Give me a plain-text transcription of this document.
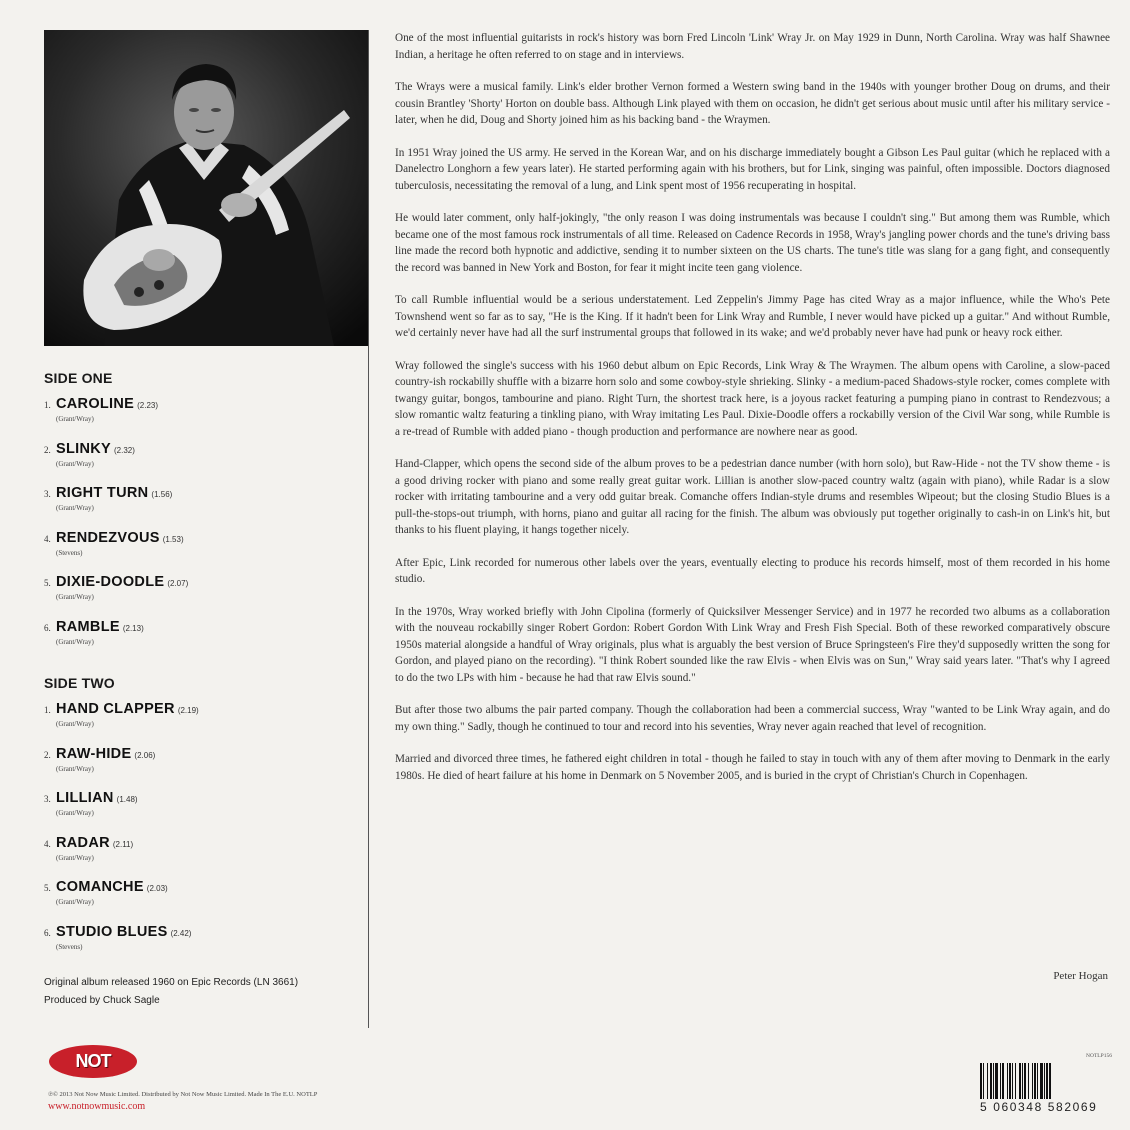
SIDE ONE
1. CAROLINE (2.23)
(Grant/Wray)
2. SLINKY (2.32)
(Grant/Wray)
3. RIGHT TURN (1.56)
(Grant/Wray)
4. RENDEZVOUS (1.53)
(Stevens)
5. DIXIE-DOODLE (2.07)
(Grant/Wray)
6. RAMBLE (2.13)
(Grant/Wray)
SIDE TWO
1. HAND CLAPPER (2.19)
(Grant/Wray)
2. RAW-HIDE (2.06)
(Grant/Wray)
3. LILLIAN (1.48)
(Grant/Wray)
4. RADAR (2.11)
(Grant/Wray)
5. COMANCHE (2.03)
(Grant/Wray)
6. STUDIO BLUES (2.42)
(Stevens)
Original album released 1960 on Epic Records (LN 3661)
Produced by Chuck Sagle

One of the most influential guitarists in rock's history was born Fred Lincoln 'Link' Wray Jr. on May 1929 in Dunn, North Carolina. Wray was half Shawnee Indian, a heritage he often referred to on stage and in interviews.

The Wrays were a musical family. Link's elder brother Vernon formed a Western swing band in the 1940s with younger brother Doug on drums, and their cousin Brantley 'Shorty' Horton on double bass. Although Link played with them on occasion, he didn't get serious about music until after his military service - later, when he did, Doug and Shorty joined him as his backing band - the Wraymen.

In 1951 Wray joined the US army. He served in the Korean War, and on his discharge immediately bought a Gibson Les Paul guitar (which he replaced with a Danelectro Longhorn a few years later). He started performing again with his brothers, but for Link, singing was painful, often impossible. Doctors diagnosed tuberculosis, necessitating the removal of a lung, and Link spent most of 1956 recuperating in hospital.

He would later comment, only half-jokingly, "the only reason I was doing instrumentals was because I couldn't sing." But among them was Rumble, which became one of the most famous rock instrumentals of all time. Released on Cadence Records in 1958, Wray's jangling power chords and the tune's driving bass line made the record both hypnotic and addictive, sending it to number sixteen on the US charts. The tune's title was slang for a gang fight, and consequently the record was banned in New York and Boston, for fear it might incite teen gang violence.

To call Rumble influential would be a serious understatement. Led Zeppelin's Jimmy Page has cited Wray as a major influence, while the Who's Pete Townshend went so far as to say, "He is the King. If it hadn't been for Link Wray and Rumble, I never would have picked up a guitar." And without Rumble, we'd certainly never have had all the surf instrumental groups that followed in its wake; and we'd probably never have had punk or heavy rock either.

Wray followed the single's success with his 1960 debut album on Epic Records, Link Wray & The Wraymen. The album opens with Caroline, a slow-paced country-ish rockabilly shuffle with a bizarre horn solo and some cowboy-style shrieking. Slinky - a medium-paced Shadows-style rocker, comes complete with twangy guitar, bongos, tambourine and piano. Right Turn, the shortest track here, is a joyous racket featuring a pumping piano in contrast to Rendezvous; a slow romantic waltz featuring a tinkling piano, with Wray imitating Les Paul. Dixie-Doodle offers a rockabilly version of the Civil War song, while Rumble is a re-tread of Rumble with added piano - though production and performance are nowhere near as good.

Hand-Clapper, which opens the second side of the album proves to be a pedestrian dance number (with horn solo), but Raw-Hide - not the TV show theme - is a good driving rocker with piano and some really great guitar work. Lillian is another slow-paced country waltz (again with piano), while Radar is a slow rocker with irritating tambourine and a very odd guitar break. Comanche offers Indian-style drums and resembles Wipeout; but the closing Studio Blues is a pull-the-stops-out triumph, with horns, piano and guitar all racing for the finish. The album was obviously put together originally to cash-in on Link's hit, but thanks to his fluent playing, it hangs together nicely.

After Epic, Link recorded for numerous other labels over the years, eventually electing to produce his records himself, most of them recorded in his home studio.

In the 1970s, Wray worked briefly with John Cipolina (formerly of Quicksilver Messenger Service) and in 1977 he recorded two albums as a collaboration with the nouveau rockabilly singer Robert Gordon: Robert Gordon With Link Wray and Fresh Fish Special. Both of these reworked comparatively obscure 1950s material alongside a handful of Wray originals, plus what is arguably the best version of Bruce Springsteen's Fire they'd supposedly written the song for Gordon, and played piano on the recording). "I think Robert sounded like the raw Elvis - when Elvis was on Sun," Wray said years later. "That's why I agreed to do the two LPs with him - because he had that raw Elvis sound."

But after those two albums the pair parted company. Though the collaboration had been a commercial success, Wray "wanted to be Link Wray again, and do my own thing." Sadly, though he continued to tour and record into his seventies, Wray never again reached that level of recognition.

Married and divorced three times, he fathered eight children in total - though he failed to stay in touch with any of them after moving to Denmark in the early 1980s. He died of heart failure at his home in Denmark on 5 November 2005, and is buried in the crypt of Christian's Church in Copenhagen.

Peter Hogan
NOT
℗© 2013 Not Now Music Limited. Distributed by Not Now Music Limited. Made In The E.U. NOTLP
www.notnowmusic.com
NOTLP156
5 060348 582069
